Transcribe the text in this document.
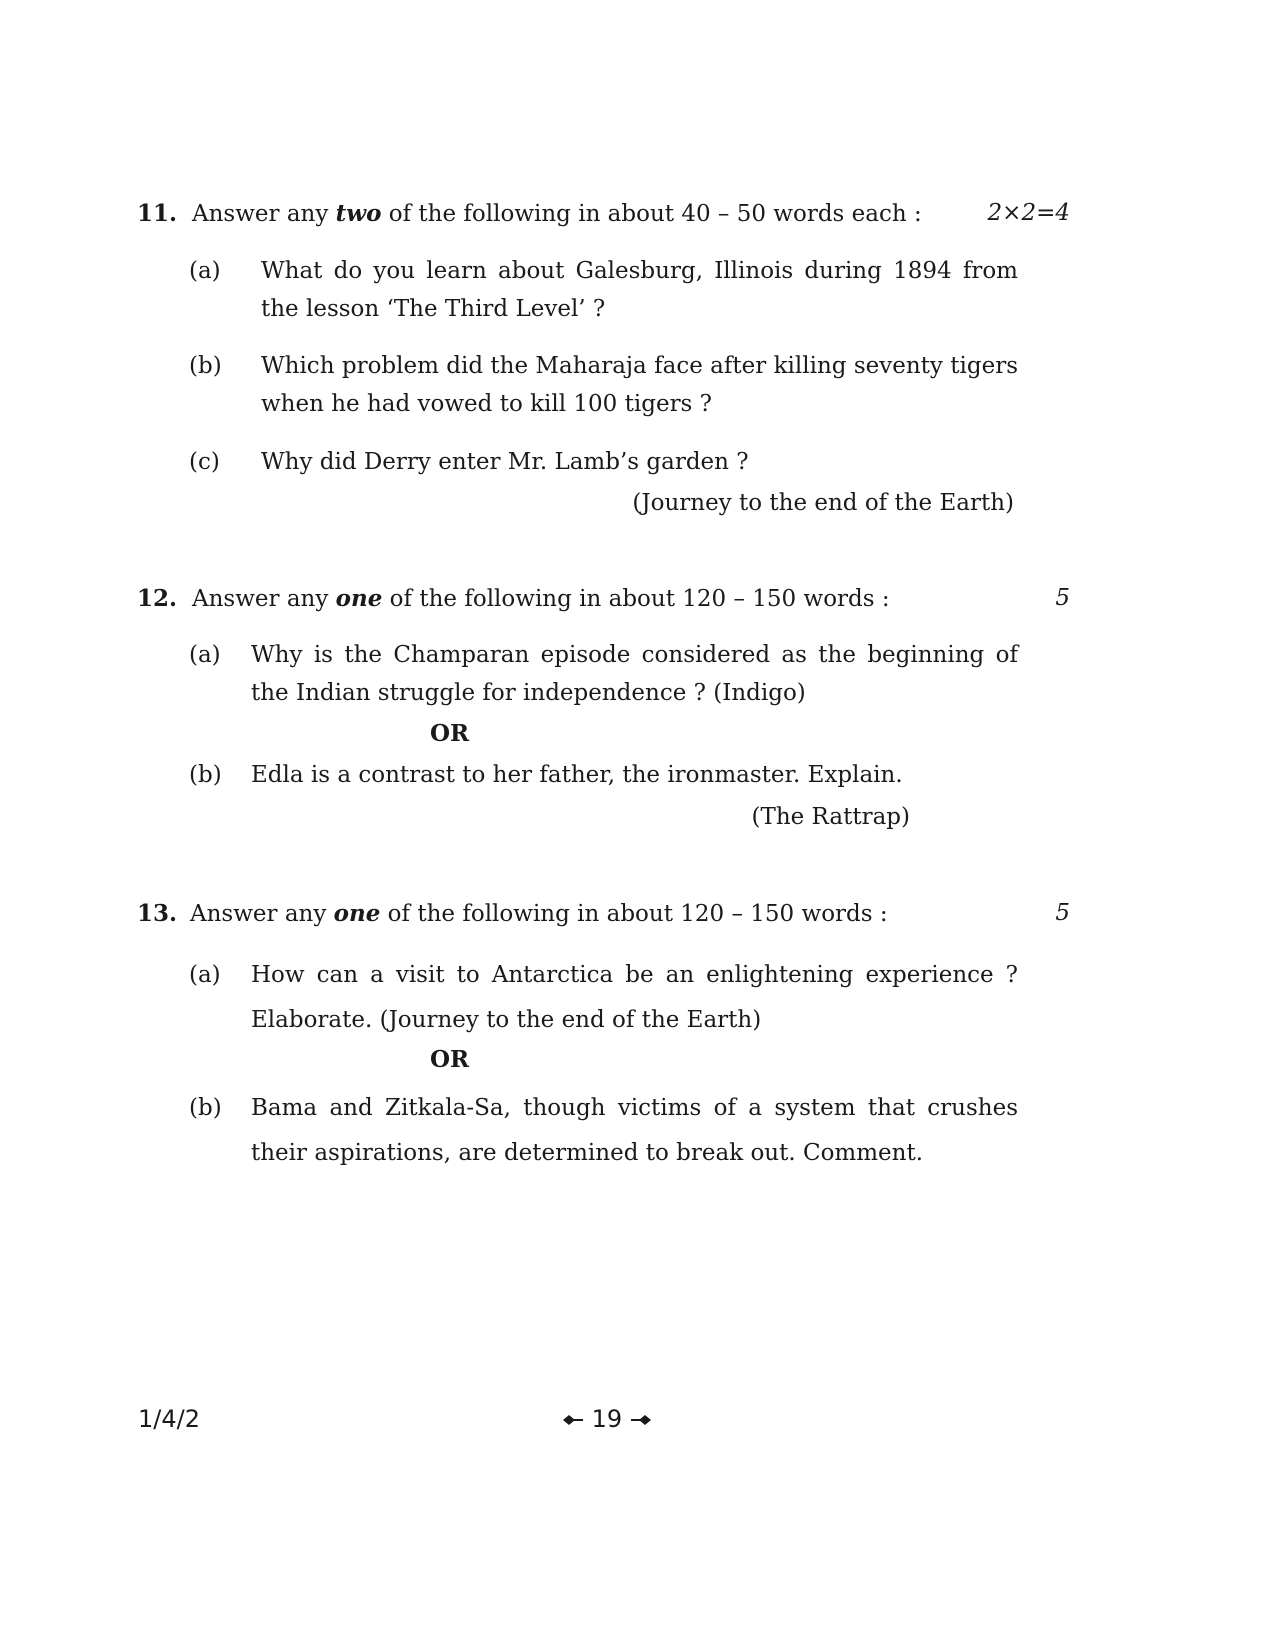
11. Answer any two of the following in about 40 – 50 words each :	2×2=4
(a) What do you learn about Galesburg, Illinois during 1894 from the lesson ‘The Third Level’ ?
(b) Which problem did the Maharaja face after killing seventy tigers when he had vowed to kill 100 tigers ?
(c) Why did Derry enter Mr. Lamb’s garden ?
(Journey to the end of the Earth)
12. Answer any one of the following in about 120 – 150 words :	5
(a) Why is the Champaran episode considered as the beginning of the Indian struggle for independence ? (Indigo)
OR
(b) Edla is a contrast to her father, the ironmaster. Explain.
(The Rattrap)
13. Answer any one of the following in about 120 – 150 words :	5
(a) How can a visit to Antarctica be an enlightening experience ? Elaborate. (Journey to the end of the Earth)
OR
(b) Bama and Zitkala-Sa, though victims of a system that crushes their aspirations, are determined to break out. Comment.
1/4/2	19
